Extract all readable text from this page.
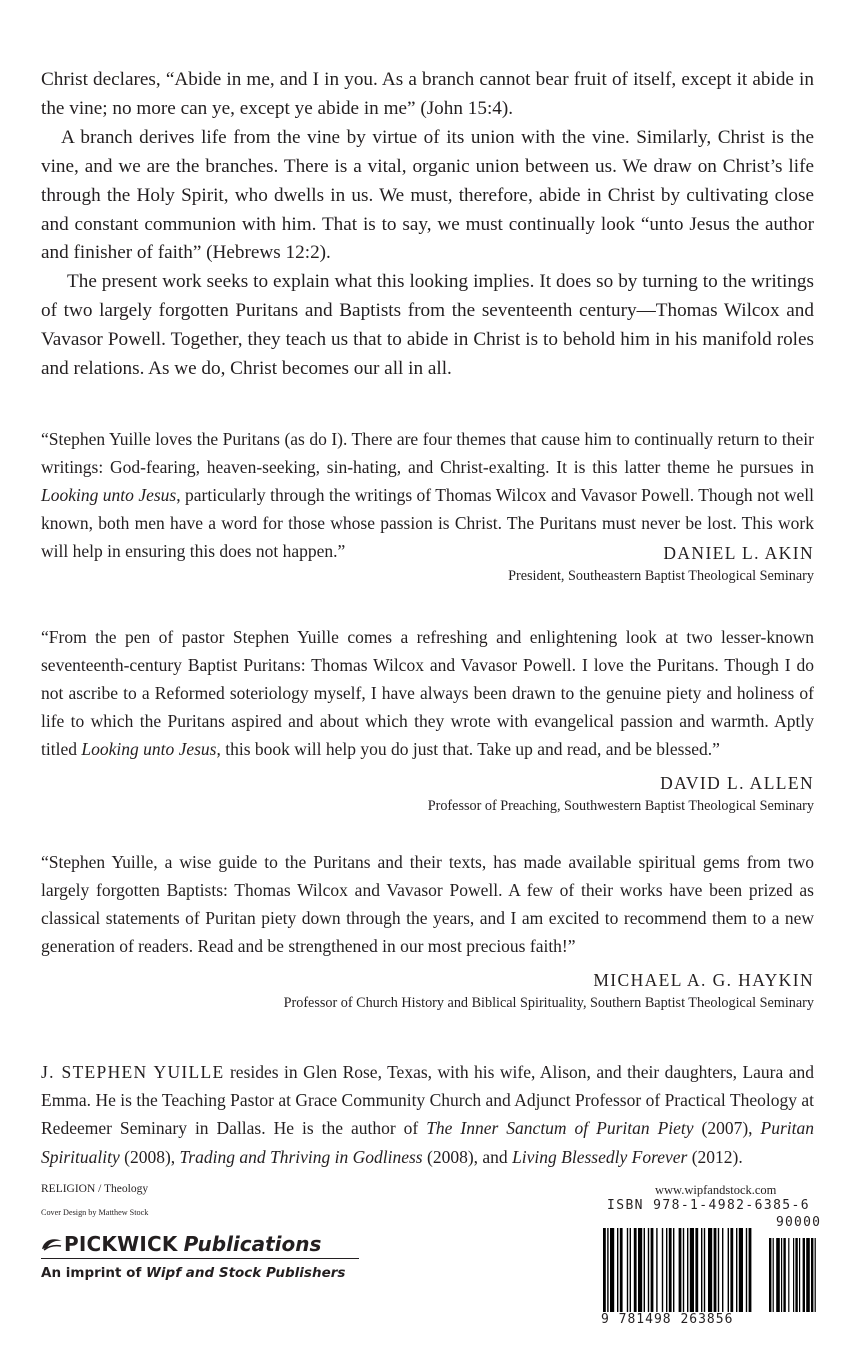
Christ declares, “Abide in me, and I in you. As a branch cannot bear fruit of itself, except it abide in the vine; no more can ye, except ye abide in me” (John 15:4).

A branch derives life from the vine by virtue of its union with the vine. Similarly, Christ is the vine, and we are the branches. There is a vital, organic union between us. We draw on Christ’s life through the Holy Spirit, who dwells in us. We must, therefore, abide in Christ by cultivating close and constant communion with him. That is to say, we must continually look “unto Jesus the author and finisher of faith” (Hebrews 12:2).

The present work seeks to explain what this looking implies. It does so by turning to the writings of two largely forgotten Puritans and Baptists from the seventeenth century—Thomas Wilcox and Vavasor Powell. Together, they teach us that to abide in Christ is to behold him in his manifold roles and relations. As we do, Christ becomes our all in all.

“Stephen Yuille loves the Puritans (as do I). There are four themes that cause him to continually return to their writings: God-fearing, heaven-seeking, sin-hating, and Christ-exalting. It is this latter theme he pursues in Looking unto Jesus, particularly through the writings of Thomas Wilcox and Vavasor Powell. Though not well known, both men have a word for those whose passion is Christ. The Puritans must never be lost. This work will help in ensuring this does not happen.”	DANIEL L. AKIN
President, Southeastern Baptist Theological Seminary

“From the pen of pastor Stephen Yuille comes a refreshing and enlightening look at two lesser-known seventeenth-century Baptist Puritans: Thomas Wilcox and Vavasor Powell. I love the Puritans. Though I do not ascribe to a Reformed soteriology myself, I have always been drawn to the genuine piety and holiness of life to which the Puritans aspired and about which they wrote with evangelical passion and warmth. Aptly titled Looking unto Jesus, this book will help you do just that. Take up and read, and be blessed.”

DAVID L. ALLEN
Professor of Preaching, Southwestern Baptist Theological Seminary

“Stephen Yuille, a wise guide to the Puritans and their texts, has made available spiritual gems from two largely forgotten Baptists: Thomas Wilcox and Vavasor Powell. A few of their works have been prized as classical statements of Puritan piety down through the years, and I am excited to recommend them to a new generation of readers. Read and be strengthened in our most precious faith!”

MICHAEL A. G. HAYKIN
Professor of Church History and Biblical Spirituality, Southern Baptist Theological Seminary

J. STEPHEN YUILLE resides in Glen Rose, Texas, with his wife, Alison, and their daughters, Laura and Emma. He is the Teaching Pastor at Grace Community Church and Adjunct Professor of Practical Theology at Redeemer Seminary in Dallas. He is the author of The Inner Sanctum of Puritan Piety (2007), Puritan Spirituality (2008), Trading and Thriving in Godliness (2008), and Living Blessedly Forever (2012).

RELIGION / Theology
Cover Design by Matthew Stock
PICKWICK Publications
An imprint of Wipf and Stock Publishers
www.wipfandstock.com
ISBN 978-1-4982-6385-6
90000
9 781498 263856
